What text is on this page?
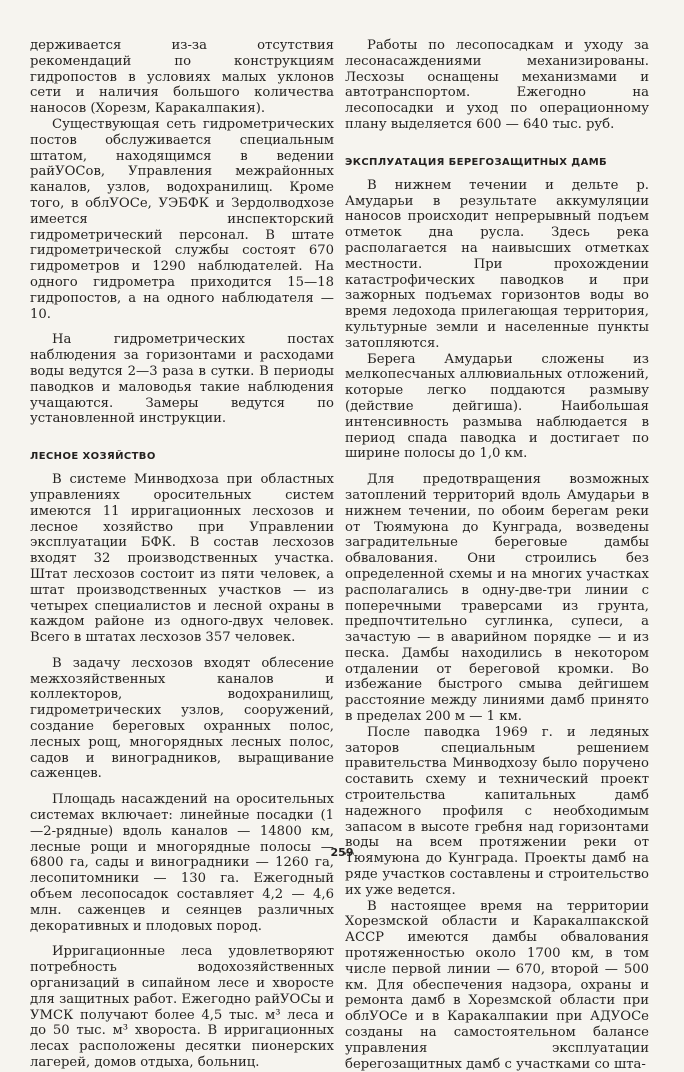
держивается из-за отсутствия рекомендаций по конструкциям гидропостов в условиях малых уклонов сети и наличия большого количества наносов (Хорезм, Каракалпакия).

Существующая сеть гидрометрических постов обслуживается специальным штатом, находящимся в ведении райУОСов, Управления межрайонных каналов, узлов, водохранилищ. Кроме того, в облУОСе, УЭБФК и Зердолводхозе имеется инспекторский гидрометрический персонал. В штате гидрометрической службы состоят 670 гидрометров и 1290 наблюдателей. На одного гидрометра приходится 15—18 гидропостов, а на одного наблюдателя — 10.

На гидрометрических постах наблюдения за горизонтами и расходами воды ведутся 2—3 раза в сутки. В периоды паводков и маловодья такие наблюдения учащаются. Замеры ведутся по установленной инструкции.

ЛЕСНОЕ ХОЗЯЙСТВО

В системе Минводхоза при областных управлениях оросительных систем имеются 11 ирригационных лесхозов и лесное хозяйство при Управлении эксплуатации БФК. В состав лесхозов входят 32 производственных участка. Штат лесхозов состоит из пяти человек, а штат производственных участков — из четырех специалистов и лесной охраны в каждом районе из одного-двух человек. Всего в штатах лесхозов 357 человек.

В задачу лесхозов входят облесение межхозяйственных каналов и коллекторов, водохранилищ, гидрометрических узлов, сооружений, создание береговых охранных полос, лесных рощ, многорядных лесных полос, садов и виноградников, выращивание саженцев.

Площадь насаждений на оросительных системах включает: линейные посадки (1—2-рядные) вдоль каналов — 14800 км, лесные рощи и многорядные полосы — 6800 га, сады и виноградники — 1260 га, лесопитомники — 130 га. Ежегодный объем лесопосадок составляет 4,2 — 4,6 млн. саженцев и сеянцев различных декоративных и плодовых пород.

Ирригационные леса удовлетворяют потребность водохозяйственных организаций в сипайном лесе и хворосте для защитных работ. Ежегодно райУОСы и УМСК получают более 4,5 тыс. м³ леса и до 50 тыс. м³ хвороста. В ирригационных лесах расположены десятки пионерских лагерей, домов отдыха, больниц.

Работы по лесопосадкам и уходу за лесонасаждениями механизированы. Лесхозы оснащены механизмами и автотранспортом. Ежегодно на лесопосадки и уход по операционному плану выделяется 600 — 640 тыс. руб.

ЭКСПЛУАТАЦИЯ БЕРЕГОЗАЩИТНЫХ ДАМБ

В нижнем течении и дельте р. Амударьи в результате аккумуляции наносов происходит непрерывный подъем отметок дна русла. Здесь река располагается на наивысших отметках местности. При прохождении катастрофических паводков и при зажорных подъемах горизонтов воды во время ледохода прилегающая территория, культурные земли и населенные пункты затопляются.

Берега Амударьи сложены из мелкопесчаных аллювиальных отложений, которые легко поддаются размыву (действие дейгиша). Наибольшая интенсивность размыва наблюдается в период спада паводка и достигает по ширине полосы до 1,0 км.

Для предотвращения возможных затоплений территорий вдоль Амударьи в нижнем течении, по обоим берегам реки от Тюямуюна до Кунграда, возведены заградительные береговые дамбы обвалования. Они строились без определенной схемы и на многих участках располагались в одну-две-три линии с поперечными траверсами из грунта, предпочтительно суглинка, супеси, а зачастую — в аварийном порядке — и из песка. Дамбы находились в некотором отдалении от береговой кромки. Во избежание быстрого смыва дейгишем расстояние между линиями дамб принято в пределах 200 м — 1 км.

После паводка 1969 г. и ледяных заторов специальным решением правительства Минводхозу было поручено составить схему и технический проект строительства капитальных дамб надежного профиля с необходимым запасом в высоте гребня над горизонтами воды на всем протяжении реки от Тюямуюна до Кунграда. Проекты дамб на ряде участков составлены и строительство их уже ведется.

В настоящее время на территории Хорезмской области и Каракалпакской АССР имеются дамбы обвалования протяженностью около 1700 км, в том числе первой линии — 670, второй — 500 км. Для обеспечения надзора, охраны и ремонта дамб в Хорезмской области при облУОСе и в Каракалпакии при АДУОСе созданы на самостоятельном балансе управления эксплуатации берегозащитных дамб с участками со шта-

259
